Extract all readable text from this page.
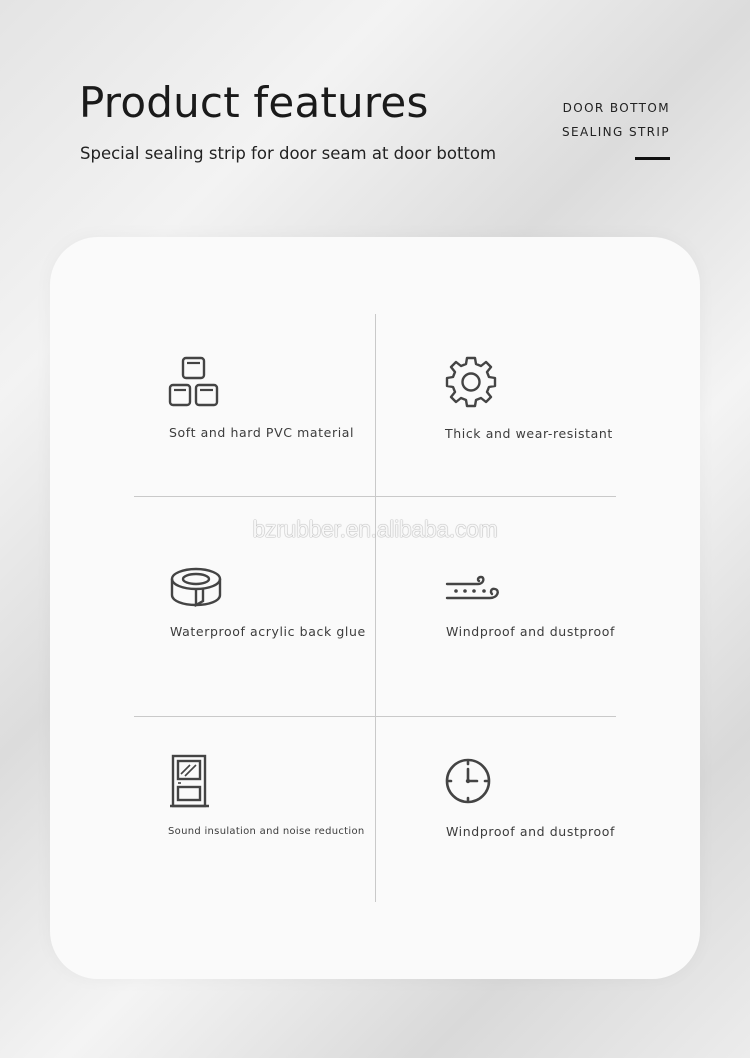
Product features
Special sealing strip for door seam at door bottom
DOOR BOTTOM
SEALING STRIP
Soft and hard PVC material	Thick and wear-resistant
Waterproof acrylic back glue	Windproof and dustproof
Sound insulation and noise reduction	Windproof and dustproof
bzrubber.en.alibaba.com
